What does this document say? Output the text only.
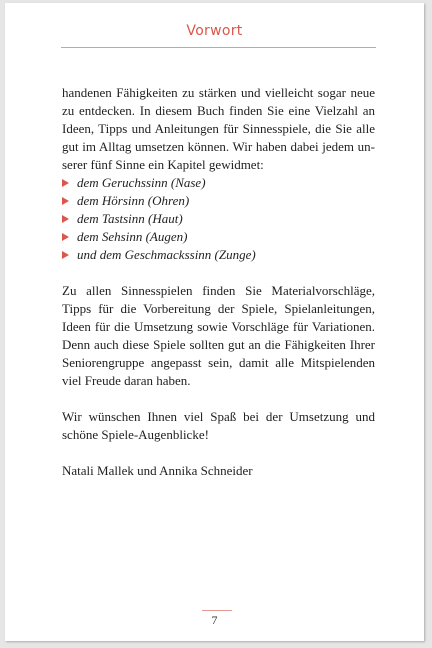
Vorwort

handenen Fähigkeiten zu stärken und vielleicht sogar neue zu entdecken. In diesem Buch finden Sie eine Vielzahl an Ideen, Tipps und Anleitungen für Sinnesspiele, die Sie alle gut im Alltag umsetzen können. Wir haben dabei jedem unserer fünf Sinne ein Kapitel gewidmet:

dem Geruchssinn (Nase)
dem Hörsinn (Ohren)
dem Tastsinn (Haut)
dem Sehsinn (Augen)
und dem Geschmackssinn (Zunge)

Zu allen Sinnesspielen finden Sie Materialvorschläge, Tipps für die Vorbereitung der Spiele, Spielanleitungen, Ideen für die Umsetzung sowie Vorschläge für Variationen. Denn auch diese Spiele sollten gut an die Fähigkeiten Ihrer Seniorengruppe angepasst sein, damit alle Mitspielenden viel Freude daran haben.

Wir wünschen Ihnen viel Spaß bei der Umsetzung und schöne Spiele-Augenblicke!

Natali Mallek und Annika Schneider

7
